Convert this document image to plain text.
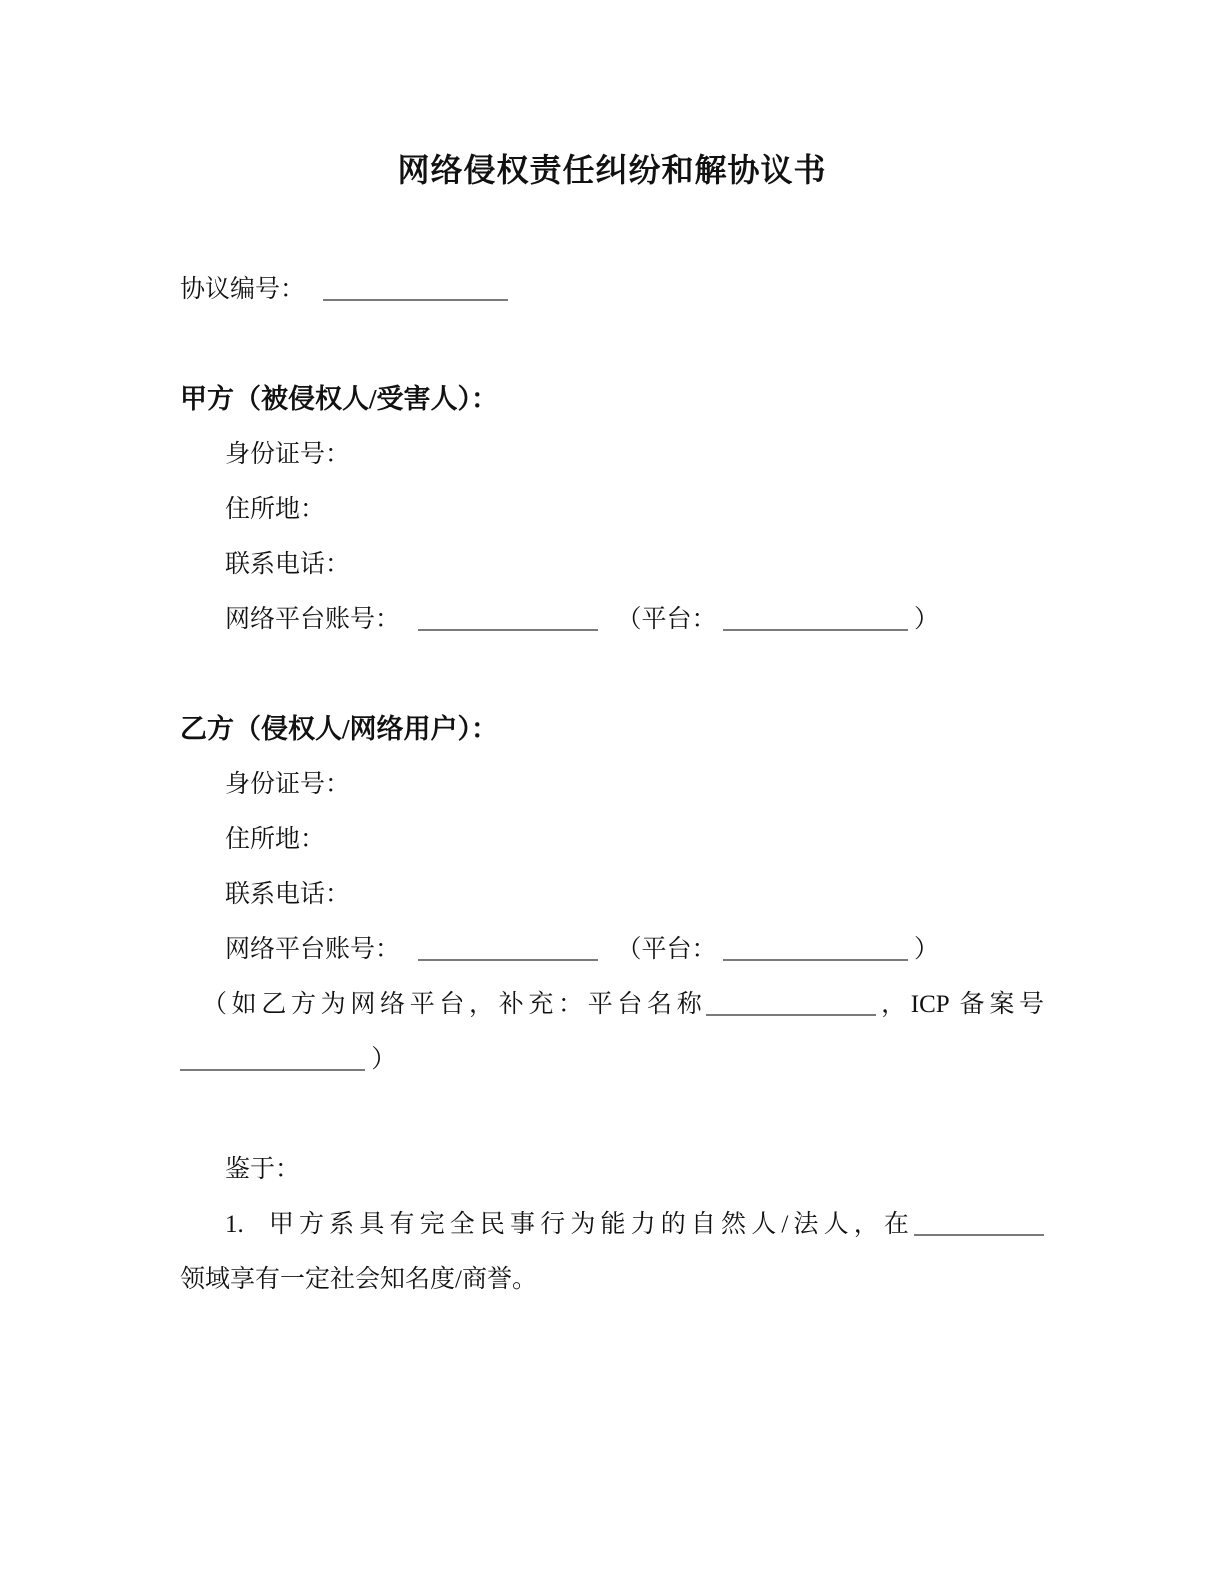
网络侵权责任纠纷和解协议书
协议编号：
甲方（被侵权人/受害人）：
身份证号：
住所地：
联系电话：
网络平台账号：	（平台：	）
乙方（侵权人/网络用户）：
身份证号：
住所地：
联系电话：
网络平台账号：	（平台：	）
（如乙方为网络平台，补充：平台名称	，ICP 备案号
）
鉴于：
1. 甲方系具有完全民事行为能力的自然人/法人，在
领域享有一定社会知名度/商誉。
